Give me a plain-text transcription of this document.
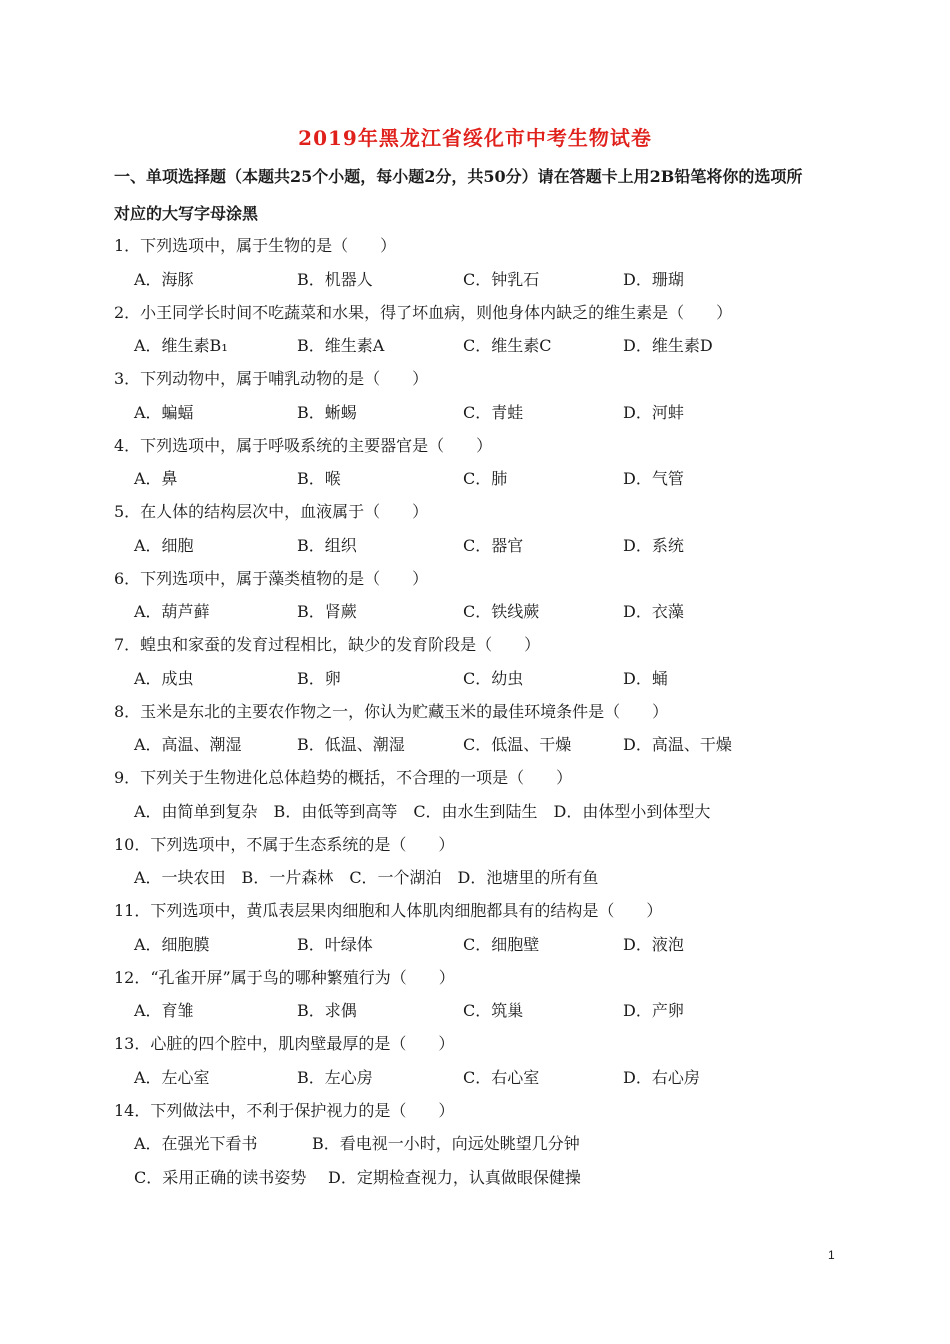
2019年黑龙江省绥化市中考生物试卷
一、单项选择题（本题共25个小题，每小题2分，共50分）请在答题卡上用2B铅笔将你的选项所
对应的大写字母涂黑
1．下列选项中，属于生物的是（　　）
A．海豚	B．机器人	C．钟乳石	D．珊瑚
2．小王同学长时间不吃蔬菜和水果，得了坏血病，则他身体内缺乏的维生素是（　　）
A．维生素B₁	B．维生素A	C．维生素C	D．维生素D
3．下列动物中，属于哺乳动物的是（　　）
A．蝙蝠	B．蜥蜴	C．青蛙	D．河蚌
4．下列选项中，属于呼吸系统的主要器官是（　　）
A．鼻	B．喉	C．肺	D．气管
5．在人体的结构层次中，血液属于（　　）
A．细胞	B．组织	C．器官	D．系统
6．下列选项中，属于藻类植物的是（　　）
A．葫芦藓	B．肾蕨	C．铁线蕨	D．衣藻
7．蝗虫和家蚕的发育过程相比，缺少的发育阶段是（　　）
A．成虫	B．卵	C．幼虫	D．蛹
8．玉米是东北的主要农作物之一，你认为贮藏玉米的最佳环境条件是（　　）
A．高温、潮湿	B．低温、潮湿	C．低温、干燥	D．高温、干燥
9．下列关于生物进化总体趋势的概括，不合理的一项是（　　）
A．由简单到复杂　B．由低等到高等　C．由水生到陆生　D．由体型小到体型大
10．下列选项中，不属于生态系统的是（　　）
A．一块农田　B．一片森林　C．一个湖泊　D．池塘里的所有鱼
11．下列选项中，黄瓜表层果肉细胞和人体肌肉细胞都具有的结构是（　　）
A．细胞膜	B．叶绿体	C．细胞壁	D．液泡
12．“孔雀开屏”属于鸟的哪种繁殖行为（　　）
A．育雏	B．求偶	C．筑巢	D．产卵
13．心脏的四个腔中，肌肉壁最厚的是（　　）
A．左心室	B．左心房	C．右心室	D．右心房
14．下列做法中，不利于保护视力的是（　　）
A．在强光下看书	B．看电视一小时，向远处眺望几分钟
C．采用正确的读书姿势 D．定期检查视力，认真做眼保健操
1
